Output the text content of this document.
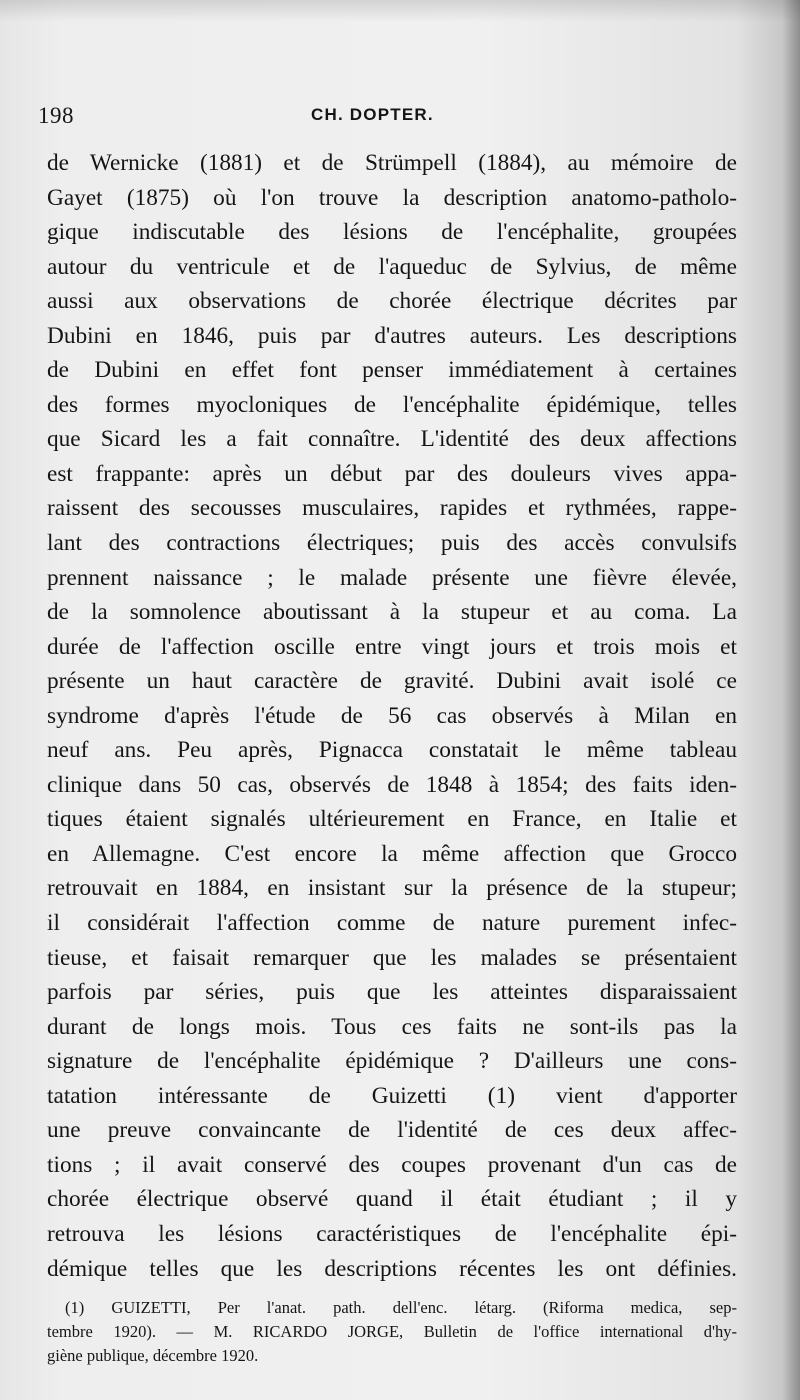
198	CH. DOPTER.
de Wernicke (1881) et de Strümpell (1884), au mémoire de
Gayet (1875) où l'on trouve la description anatomo-patholo-
gique indiscutable des lésions de l'encéphalite, groupées
autour du ventricule et de l'aqueduc de Sylvius, de même
aussi aux observations de chorée électrique décrites par
Dubini en 1846, puis par d'autres auteurs. Les descriptions
de Dubini en effet font penser immédiatement à certaines
des formes myocloniques de l'encéphalite épidémique, telles
que Sicard les a fait connaître. L'identité des deux affections
est frappante: après un début par des douleurs vives appa-
raissent des secousses musculaires, rapides et rythmées, rappe-
lant des contractions électriques; puis des accès convulsifs
prennent naissance ; le malade présente une fièvre élevée,
de la somnolence aboutissant à la stupeur et au coma. La
durée de l'affection oscille entre vingt jours et trois mois et
présente un haut caractère de gravité. Dubini avait isolé ce
syndrome d'après l'étude de 56 cas observés à Milan en
neuf ans. Peu après, Pignacca constatait le même tableau
clinique dans 50 cas, observés de 1848 à 1854; des faits iden-
tiques étaient signalés ultérieurement en France, en Italie et
en Allemagne. C'est encore la même affection que Grocco
retrouvait en 1884, en insistant sur la présence de la stupeur;
il considérait l'affection comme de nature purement infec-
tieuse, et faisait remarquer que les malades se présentaient
parfois par séries, puis que les atteintes disparaissaient
durant de longs mois. Tous ces faits ne sont-ils pas la
signature de l'encéphalite épidémique ? D'ailleurs une cons-
tatation intéressante de Guizetti (1) vient d'apporter
une preuve convaincante de l'identité de ces deux affec-
tions ; il avait conservé des coupes provenant d'un cas de
chorée électrique observé quand il était étudiant ; il y
retrouva les lésions caractéristiques de l'encéphalite épi-
démique telles que les descriptions récentes les ont définies.
(1) GUIZETTI, Per l'anat. path. dell'enc. létarg. (Riforma medica, sep-
tembre 1920). — M. RICARDO JORGE, Bulletin de l'office international d'hy-
giène publique, décembre 1920.
